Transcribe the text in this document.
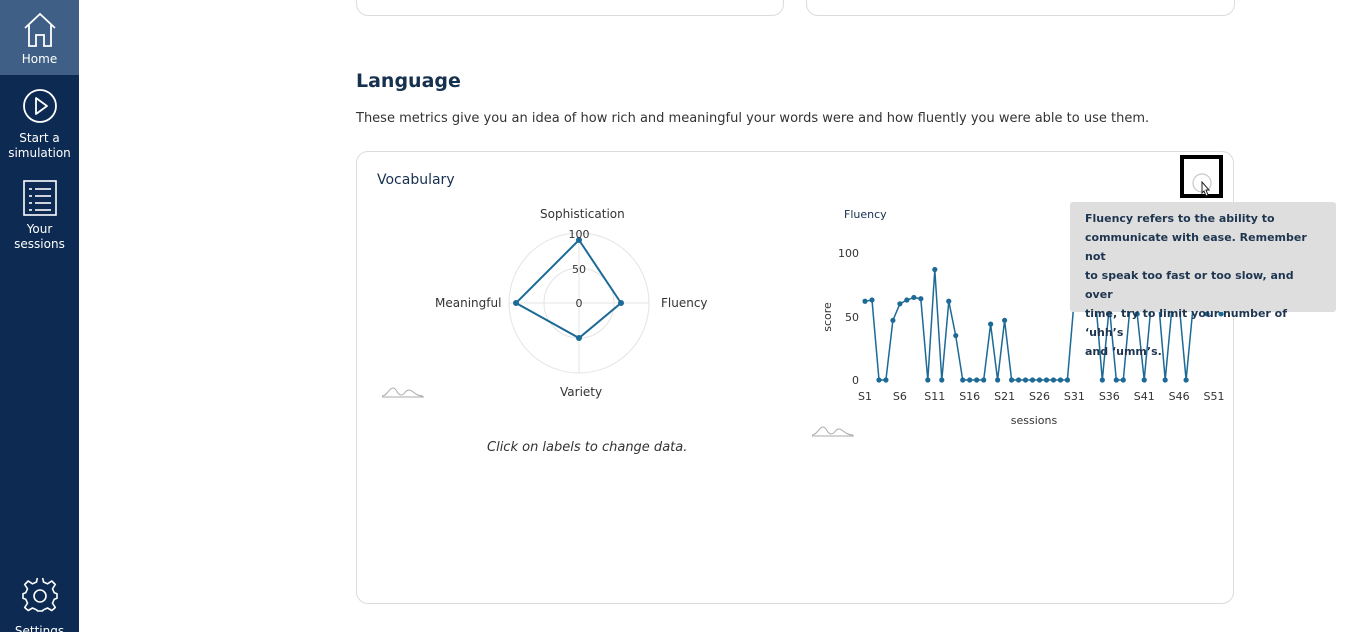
Home
Start a
simulation
Your
sessions
Settings
Language

These metrics give you an idea of how rich and meaningful your words were and how fluently you were able to use them.

Vocabulary
100
50
0
Sophistication
Fluency
Variety
Meaningful
Click on labels to change data.
Fluency
100
50
0
score
sessions
S1 S6 S11 S16 S21 S26 S31 S36 S41 S46 S51
Fluency refers to the ability to
communicate with ease. Remember not
to speak too fast or too slow, and over
time, try to limit your number of ‘uhh’s
and ‘umm’s.
